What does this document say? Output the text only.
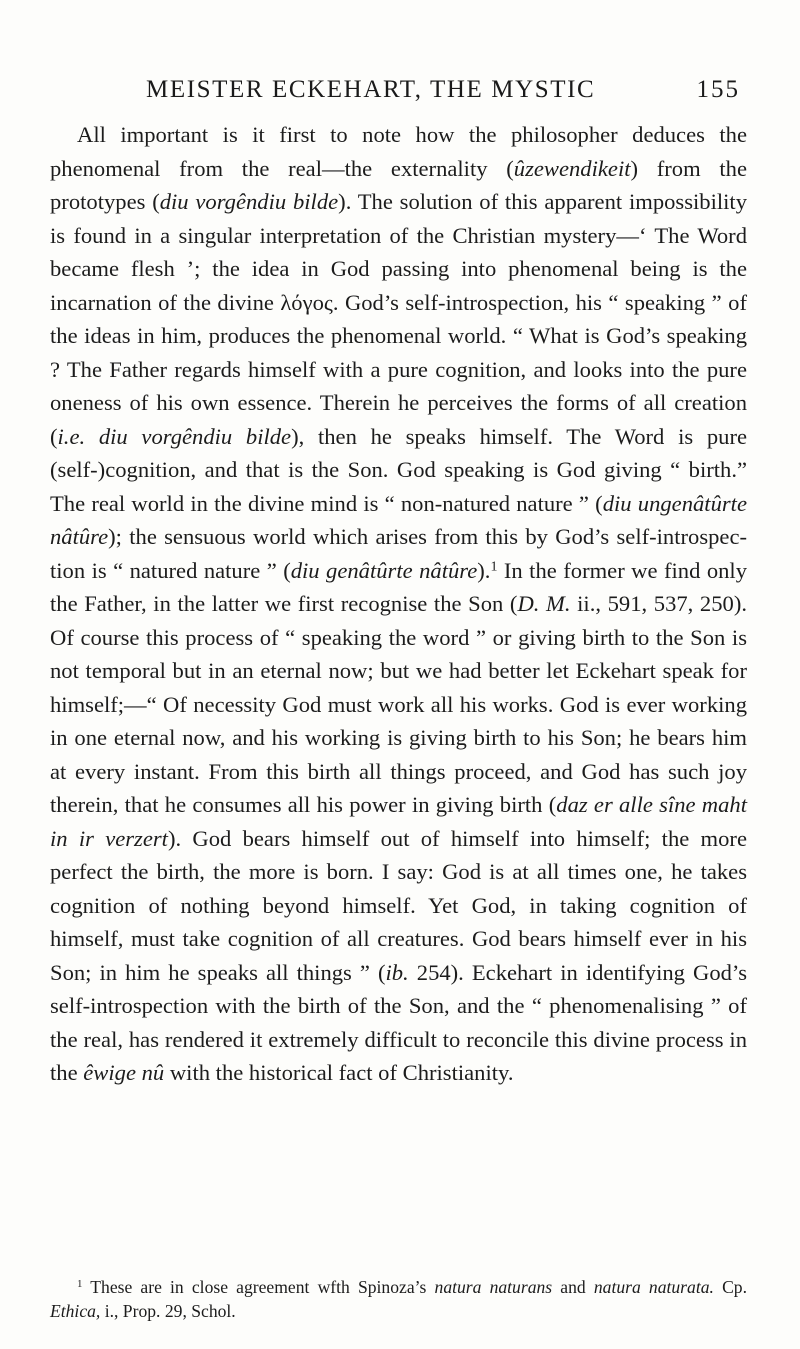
MEISTER ECKEHART, THE MYSTIC	155

All important is it first to note how the philosopher deduces the phenomenal from the real—the externality (ûzewendikeit) from the prototypes (diu vorgêndiu bilde). The solution of this apparent impossibility is found in a singular interpretation of the Christian mystery—‘ The Word became flesh ’; the idea in God passing into phenomenal being is the incarnation of the divine λόγος. God’s self-introspection, his “ speaking ” of the ideas in him, produces the phenomenal world. “ What is God’s speaking ? The Father regards himself with a pure cognition, and looks into the pure oneness of his own essence. Therein he perceives the forms of all creation (i.e. diu vorgêndiu bilde), then he speaks himself. The Word is pure (self-)cognition, and that is the Son. God speaking is God giving “ birth.” The real world in the divine mind is “ non-natured nature ” (diu ungenâtûrte nâtûre); the sensuous world which arises from this by God’s self-introspection is “ natured nature ” (diu genâtûrte nâtûre).$^1$ In the former we find only the Father, in the latter we first recognise the Son (D. M. ii., 591, 537, 250). Of course this process of “ speaking the word ” or giving birth to the Son is not temporal but in an eternal now; but we had better let Eckehart speak for himself;—“ Of necessity God must work all his works. God is ever working in one eternal now, and his working is giving birth to his Son; he bears him at every instant. From this birth all things proceed, and God has such joy therein, that he consumes all his power in giving birth (daz er alle sîne maht in ir verzert). God bears himself out of himself into himself; the more perfect the birth, the more is born. I say: God is at all times one, he takes cognition of nothing beyond himself. Yet God, in taking cognition of himself, must take cognition of all creatures. God bears himself ever in his Son; in him he speaks all things ” (ib. 254). Eckehart in identifying God’s self-introspection with the birth of the Son, and the “ phenomenalising ” of the real, has rendered it extremely difficult to reconcile this divine process in the êwige nû with the historical fact of Christianity.

$^1$ These are in close agreement wfth Spinoza’s natura naturans and natura naturata. Cp. Ethica, i., Prop. 29, Schol.
